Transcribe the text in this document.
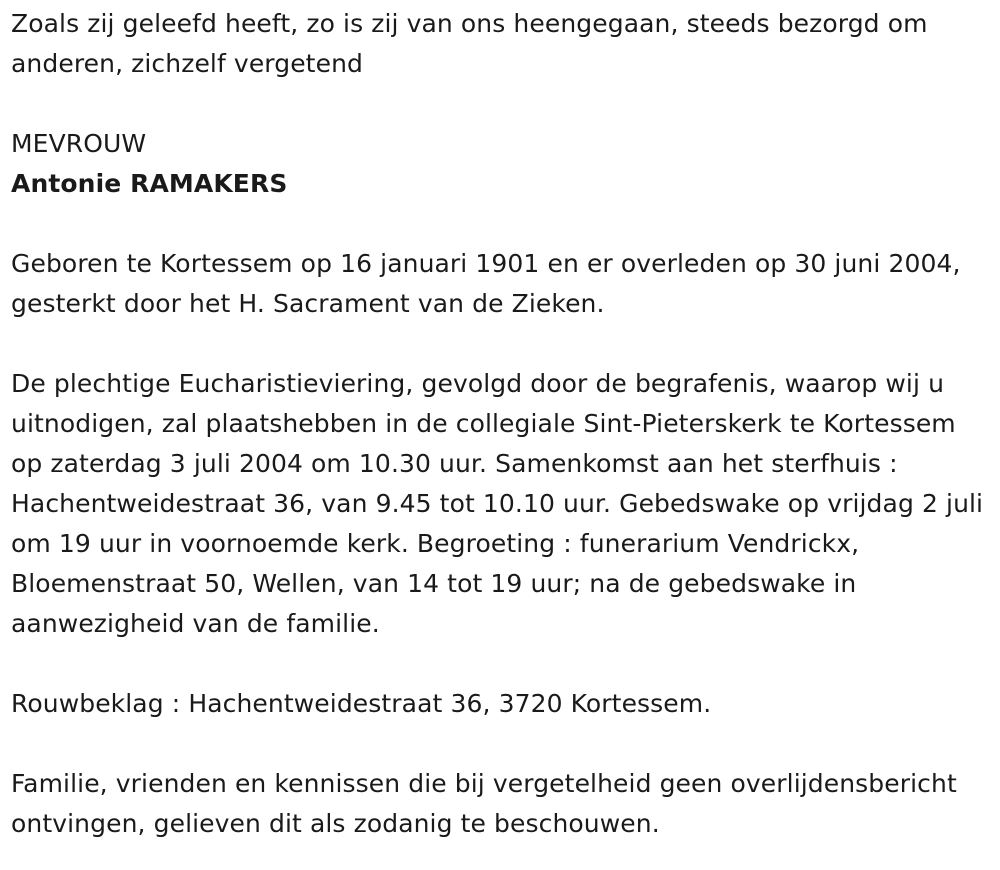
Zoals zij geleefd heeft, zo is zij van ons heengegaan, steeds bezorgd om anderen, zichzelf vergetend

MEVROUW

Antonie RAMAKERS

Geboren te Kortessem op 16 januari 1901 en er overleden op 30 juni 2004, gesterkt door het H. Sacrament van de Zieken.

De plechtige Eucharistieviering, gevolgd door de begrafenis, waarop wij u uitnodigen, zal plaatshebben in de collegiale Sint-Pieterskerk te Kortessem op zaterdag 3 juli 2004 om 10.30 uur. Samenkomst aan het sterfhuis : Hachentweidestraat 36, van 9.45 tot 10.10 uur. Gebedswake op vrijdag 2 juli om 19 uur in voornoemde kerk. Begroeting : funerarium Vendrickx, Bloemenstraat 50, Wellen, van 14 tot 19 uur; na de gebedswake in aanwezigheid van de familie.

Rouwbeklag : Hachentweidestraat 36, 3720 Kortessem.

Familie, vrienden en kennissen die bij vergetelheid geen overlijdensbericht ontvingen, gelieven dit als zodanig te beschouwen.
